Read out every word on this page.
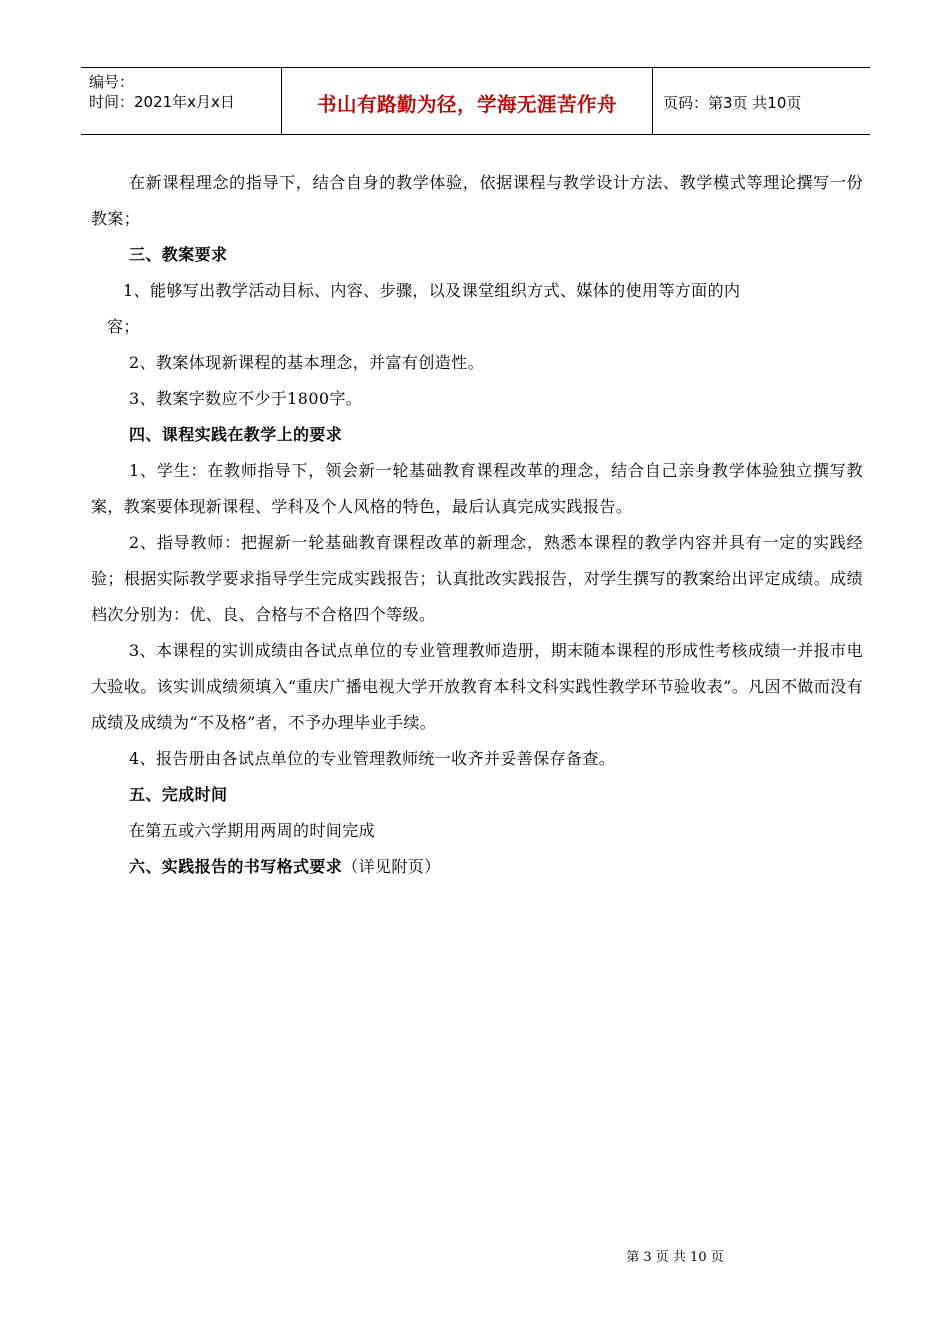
编号：
时间：2021年x月x日	书山有路勤为径，学海无涯苦作舟	页码：第3页 共10页

在新课程理念的指导下，结合自身的教学体验，依据课程与教学设计方法、教学模式等理论撰写一份教案；

三、教案要求

1、能够写出教学活动目标、内容、步骤，以及课堂组织方式、媒体的使用等方面的内
容；

2、教案体现新课程的基本理念，并富有创造性。

3、教案字数应不少于1800字。

四、课程实践在教学上的要求

1、学生：在教师指导下，领会新一轮基础教育课程改革的理念，结合自己亲身教学体验独立撰写教案，教案要体现新课程、学科及个人风格的特色，最后认真完成实践报告。

2、指导教师：把握新一轮基础教育课程改革的新理念，熟悉本课程的教学内容并具有一定的实践经验；根据实际教学要求指导学生完成实践报告；认真批改实践报告，对学生撰写的教案给出评定成绩。成绩档次分别为：优、良、合格与不合格四个等级。

3、本课程的实训成绩由各试点单位的专业管理教师造册，期末随本课程的形成性考核成绩一并报市电大验收。该实训成绩须填入“重庆广播电视大学开放教育本科文科实践性教学环节验收表”。凡因不做而没有成绩及成绩为“不及格”者，不予办理毕业手续。

4、报告册由各试点单位的专业管理教师统一收齐并妥善保存备查。

五、完成时间

在第五或六学期用两周的时间完成

六、实践报告的书写格式要求（详见附页）

第 3 页 共 10 页
